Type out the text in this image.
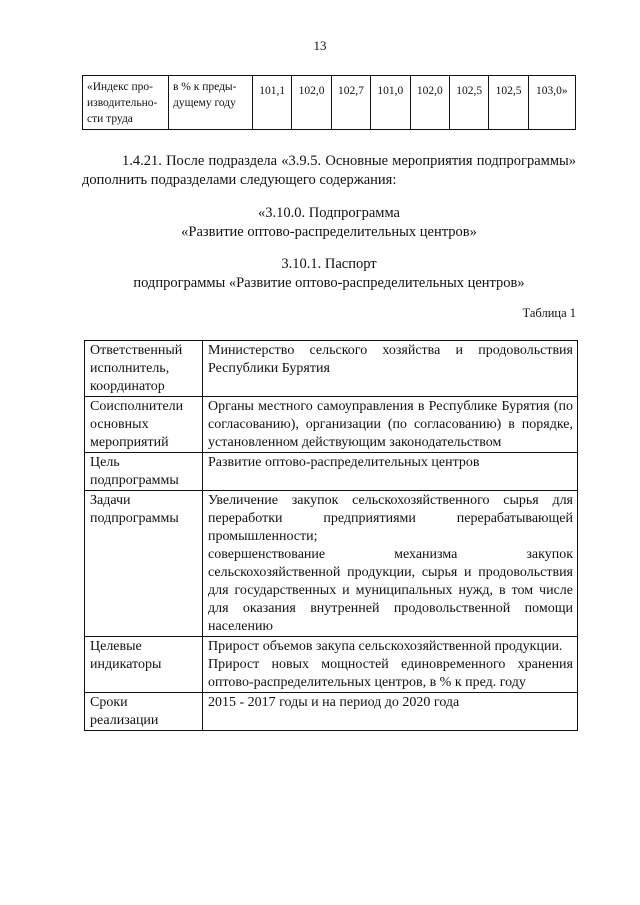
13
«Индекс про-изводительно-сти труда	в % к преды-дущему году	101,1	102,0	102,7	101,0	102,0	102,5	102,5	103,0»

1.4.21. После подраздела «3.9.5. Основные мероприятия подпрограммы» дополнить подразделами следующего содержания:

«3.10.0. Подпрограмма
«Развитие оптово-распределительных центров»
3.10.1. Паспорт
подпрограммы «Развитие оптово-распределительных центров»
Таблица 1
Ответственный исполнитель, координатор	Министерство сельского хозяйства и продовольствия Республики Бурятия

Соисполнители основных мероприятий	Органы местного самоуправления в Республике Бурятия (по согласованию), организации (по согласованию) в порядке, установленном действующим законодательством

Цель подпрограммы	Развитие оптово-распределительных центров

Задачи подпрограммы	Увеличение закупок сельскохозяйственного сырья для переработки предприятиями перерабатывающей промышленности;

совершенствование механизма закупок сельскохозяйственной продукции, сырья и продовольствия для государственных и муниципальных нужд, в том числе для оказания внутренней продовольственной помощи населению

Целевые индикаторы	Прирост объемов закупа сельскохозяйственной продукции.

Прирост новых мощностей единовременного хранения оптово-распределительных центров, в % к пред. году

Сроки реализации	2015 - 2017 годы и на период до 2020 года
